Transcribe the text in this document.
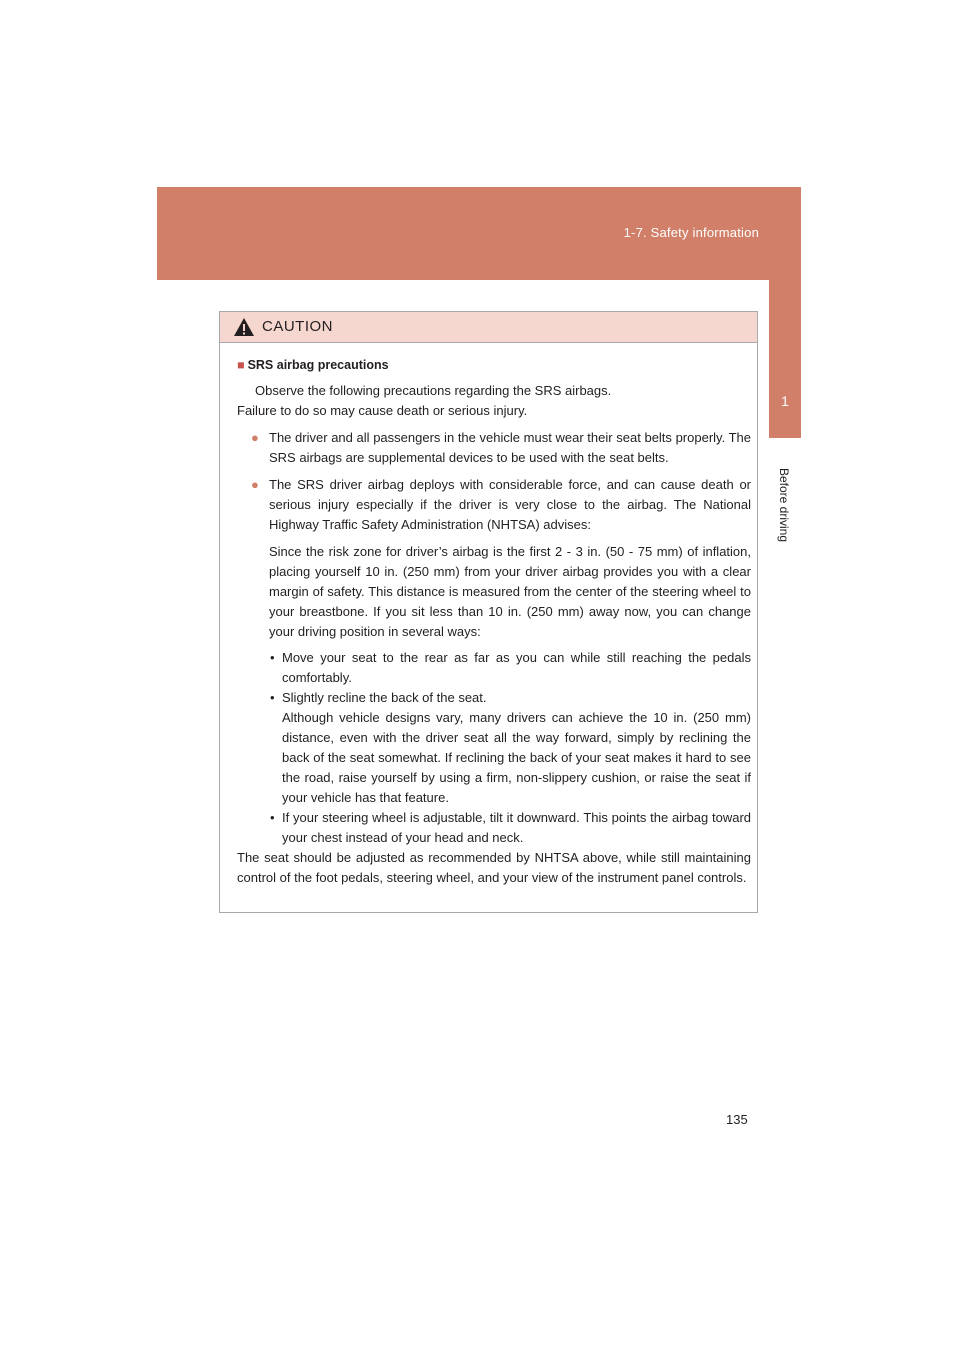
1-7. Safety information
1
Before driving
CAUTION
■ SRS airbag precautions
Observe the following precautions regarding the SRS airbags.
Failure to do so may cause death or serious injury.
● The driver and all passengers in the vehicle must wear their seat belts properly. The SRS airbags are supplemental devices to be used with the seat belts.
● The SRS driver airbag deploys with considerable force, and can cause death or serious injury especially if the driver is very close to the airbag. The National Highway Traffic Safety Administration (NHTSA) advises:
Since the risk zone for driver’s airbag is the first 2 - 3 in. (50 - 75 mm) of inflation, placing yourself 10 in. (250 mm) from your driver airbag provides you with a clear margin of safety. This distance is measured from the center of the steering wheel to your breastbone. If you sit less than 10 in. (250 mm) away now, you can change your driving position in several ways:
• Move your seat to the rear as far as you can while still reaching the pedals comfortably.
• Slightly recline the back of the seat.
Although vehicle designs vary, many drivers can achieve the 10 in. (250 mm) distance, even with the driver seat all the way forward, simply by reclining the back of the seat somewhat. If reclining the back of your seat makes it hard to see the road, raise yourself by using a firm, non-slippery cushion, or raise the seat if your vehicle has that feature.
• If your steering wheel is adjustable, tilt it downward. This points the airbag toward your chest instead of your head and neck.
The seat should be adjusted as recommended by NHTSA above, while still maintaining control of the foot pedals, steering wheel, and your view of the instrument panel controls.
135
